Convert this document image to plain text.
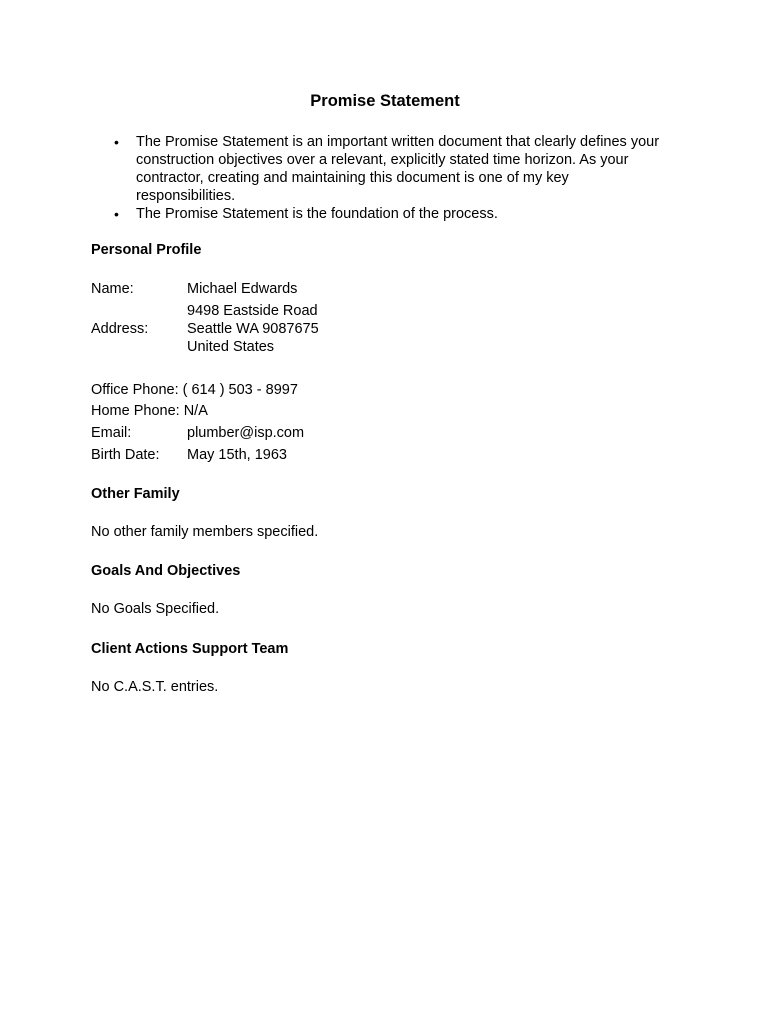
Promise Statement
• The Promise Statement is an important written document that clearly defines your construction objectives over a relevant, explicitly stated time horizon. As your contractor, creating and maintaining this document is one of my key responsibilities.
• The Promise Statement is the foundation of the process.
Personal Profile
Name:	Michael Edwards
Address:
9498 Eastside Road
Seattle WA 9087675
United States
Office Phone: ( 614 ) 503 - 8997
Home Phone: N/A
Email:	plumber@isp.com
Birth Date: May 15th, 1963
Other Family
No other family members specified.
Goals And Objectives
No Goals Specified.
Client Actions Support Team
No C.A.S.T. entries.
